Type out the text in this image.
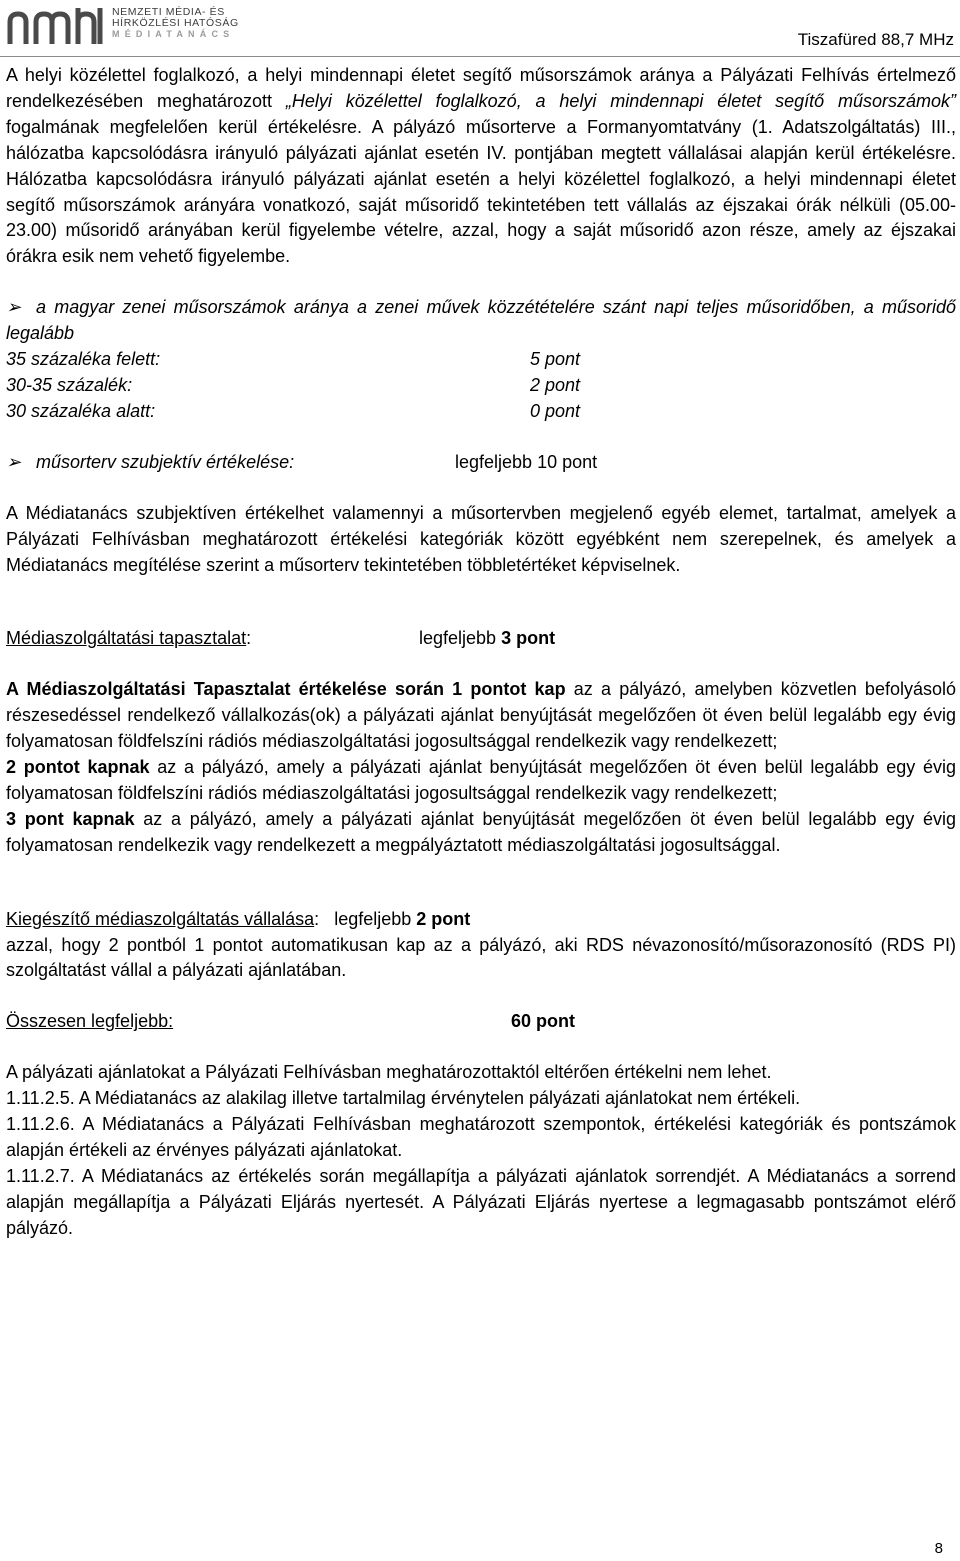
NEMZETI MÉDIA- ÉS
HÍRKÖZLÉSI HATÓSÁG
MÉDIATANÁCS	Tiszafüred 88,7 MHz

A helyi közélettel foglalkozó, a helyi mindennapi életet segítő műsorszámok aránya a Pályázati Felhívás értelmező rendelkezésében meghatározott „Helyi közélettel foglalkozó, a helyi mindennapi életet segítő műsorszámok” fogalmának megfelelően kerül értékelésre. A pályázó műsorterve a Formanyomtatvány (1. Adatszolgáltatás) III., hálózatba kapcsolódásra irányuló pályázati ajánlat esetén IV. pontjában megtett vállalásai alapján kerül értékelésre. Hálózatba kapcsolódásra irányuló pályázati ajánlat esetén a helyi közélettel foglalkozó, a helyi mindennapi életet segítő műsorszámok arányára vonatkozó, saját műsoridő tekintetében tett vállalás az éjszakai órák nélküli (05.00-23.00) műsoridő arányában kerül figyelembe vételre, azzal, hogy a saját műsoridő azon része, amely az éjszakai órákra esik nem vehető figyelembe.

➢ a magyar zenei műsorszámok aránya a zenei művek közzétételére szánt napi teljes műsoridőben, a műsoridő legalább

35 százaléka felett:	5 pont
30-35 százalék:	2 pont
30 százaléka alatt:	0 pont
➢ műsorterv szubjektív értékelése:	legfeljebb 10 pont

A Médiatanács szubjektíven értékelhet valamennyi a műsortervben megjelenő egyéb elemet, tartalmat, amelyek a Pályázati Felhívásban meghatározott értékelési kategóriák között egyébként nem szerepelnek, és amelyek a Médiatanács megítélése szerint a műsorterv tekintetében többletértéket képviselnek.

Médiaszolgáltatási tapasztalat:	legfeljebb 3 pont

A Médiaszolgáltatási Tapasztalat értékelése során 1 pontot kap az a pályázó, amelyben közvetlen befolyásoló részesedéssel rendelkező vállalkozás(ok) a pályázati ajánlat benyújtását megelőzően öt éven belül legalább egy évig folyamatosan földfelszíni rádiós médiaszolgáltatási jogosultsággal rendelkezik vagy rendelkezett;

2 pontot kapnak az a pályázó, amely a pályázati ajánlat benyújtását megelőzően öt éven belül legalább egy évig folyamatosan földfelszíni rádiós médiaszolgáltatási jogosultsággal rendelkezik vagy rendelkezett;

3 pont kapnak az a pályázó, amely a pályázati ajánlat benyújtását megelőzően öt éven belül legalább egy évig folyamatosan rendelkezik vagy rendelkezett a megpályáztatott médiaszolgáltatási jogosultsággal.

Kiegészítő médiaszolgáltatás vállalása: legfeljebb 2 pont

azzal, hogy 2 pontból 1 pontot automatikusan kap az a pályázó, aki RDS névazonosító/műsorazonosító (RDS PI) szolgáltatást vállal a pályázati ajánlatában.

Összesen legfeljebb:	60 pont

A pályázati ajánlatokat a Pályázati Felhívásban meghatározottaktól eltérően értékelni nem lehet.

1.11.2.5. A Médiatanács az alakilag illetve tartalmilag érvénytelen pályázati ajánlatokat nem értékeli.

1.11.2.6. A Médiatanács a Pályázati Felhívásban meghatározott szempontok, értékelési kategóriák és pontszámok alapján értékeli az érvényes pályázati ajánlatokat.

1.11.2.7. A Médiatanács az értékelés során megállapítja a pályázati ajánlatok sorrendjét. A Médiatanács a sorrend alapján megállapítja a Pályázati Eljárás nyertesét. A Pályázati Eljárás nyertese a legmagasabb pontszámot elérő pályázó.

8
